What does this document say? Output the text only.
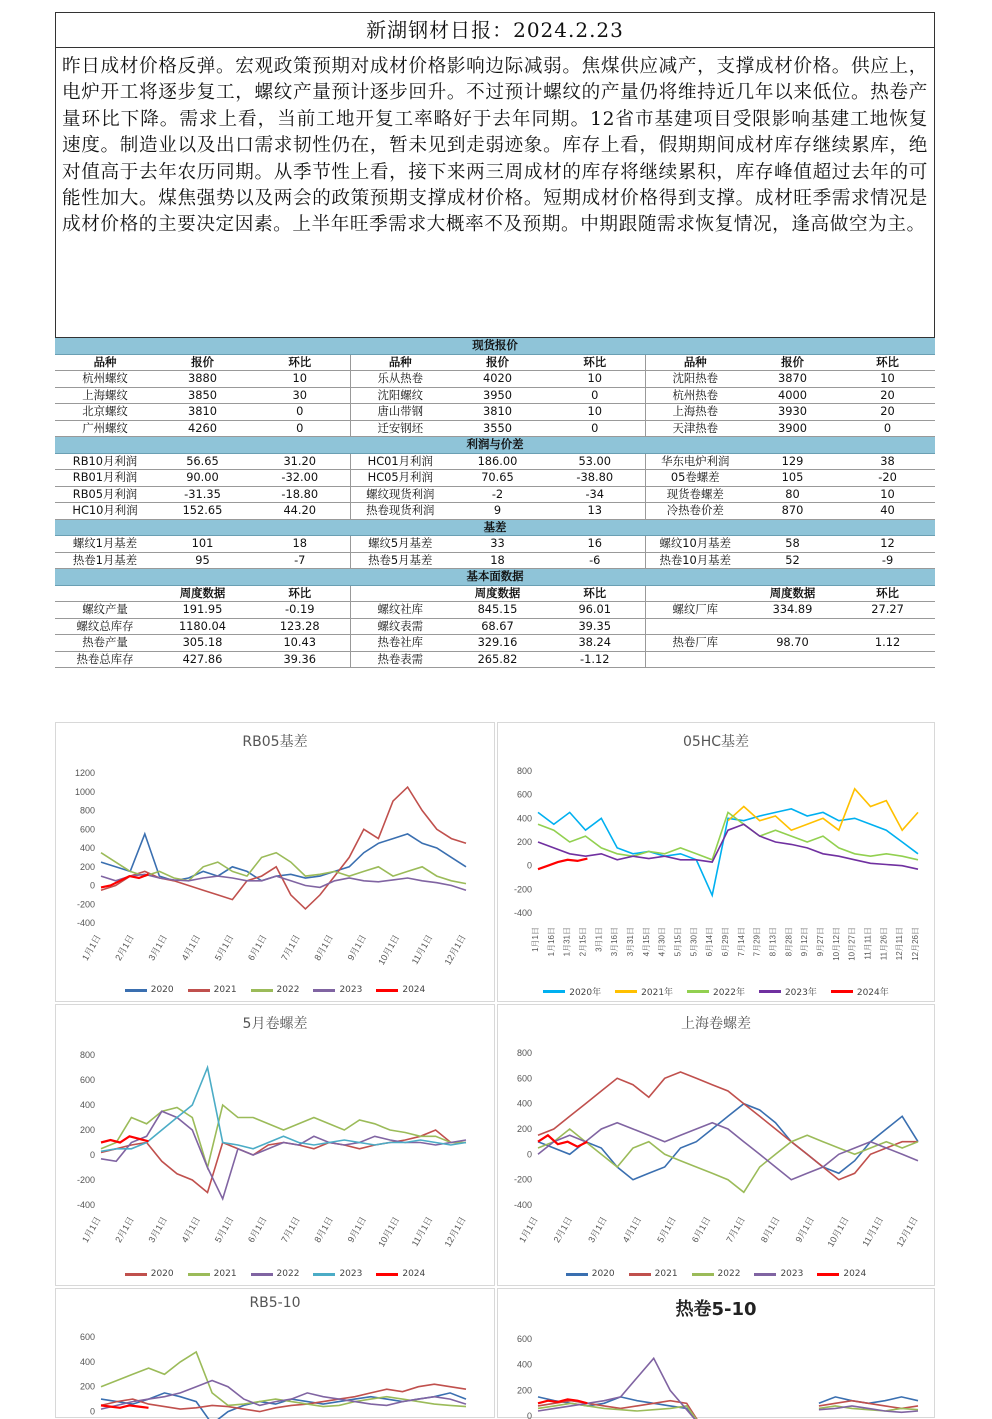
新湖钢材日报：2024.2.23
昨日成材价格反弹。宏观政策预期对成材价格影响边际减弱。焦煤供应减产，支撑成材价格。供应上，电炉开工将逐步复工，螺纹产量预计逐步回升。不过预计螺纹的产量仍将维持近几年以来低位。热卷产量环比下降。需求上看，当前工地开复工率略好于去年同期。12省市基建项目受限影响基建工地恢复速度。制造业以及出口需求韧性仍在，暂未见到走弱迹象。库存上看，假期期间成材库存继续累库，绝对值高于去年农历同期。从季节性上看，接下来两三周成材的库存将继续累积，库存峰值超过去年的可能性加大。煤焦强势以及两会的政策预期支撑成材价格。短期成材价格得到支撑。成材旺季需求情况是成材价格的主要决定因素。上半年旺季需求大概率不及预期。中期跟随需求恢复情况，逢高做空为主。
现货报价								
品种	报价	环比	品种	报价	环比	品种	报价	环比
杭州螺纹	3880	10	乐从热卷	4020	10	沈阳热卷	3870	10
上海螺纹	3850	30	沈阳螺纹	3950	0	杭州热卷	4000	20
北京螺纹	3810	0	唐山带钢	3810	10	上海热卷	3930	20
广州螺纹	4260	0	迁安钢坯	3550	0	天津热卷	3900	0
利润与价差								
RB10月利润	56.65	31.20	HC01月利润	186.00	53.00	华东电炉利润	129	38
RB01月利润	90.00	-32.00	HC05月利润	70.65	-38.80	05卷螺差	105	-20
RB05月利润	-31.35	-18.80	螺纹现货利润	-2	-34	现货卷螺差	80	10
HC10月利润	152.65	44.20	热卷现货利润	9	13	冷热卷价差	870	40
基差								
螺纹1月基差	101	18	螺纹5月基差	33	16	螺纹10月基差	58	12
热卷1月基差	95	-7	热卷5月基差	18	-6	热卷10月基差	52	-9
基本面数据								
	周度数据	环比		周度数据	环比		周度数据	环比
螺纹产量	191.95	-0.19	螺纹社库	845.15	96.01	螺纹厂库	334.89	27.27
螺纹总库存	1180.04	123.28	螺纹表需	68.67	39.35			
热卷产量	305.18	10.43	热卷社库	329.16	38.24	热卷厂库	98.70	1.12
热卷总库存	427.86	39.36	热卷表需	265.82	-1.12			
RB05基差
1200
1000
800
600
400
200
0
-200
-400
1月1日 2月1日 3月1日 4月1日 5月1日 6月1日 7月1日 8月1日 9月1日 10月1日 11月1日 12月1日
2020	2021	2022	2023	2024
05HC基差
800
600
400
200
0
-200
-400
1月1日 1月16日 1月31日 2月15日 3月1日 3月16日 3月31日 4月15日 4月30日 5月15日 5月30日 6月14日 6月29日 7月14日 7月29日 8月13日 8月28日 9月12日 9月27日 10月12日 10月27日 11月11日 11月26日 12月11日 12月26日
2020年	2021年	2022年	2023年	2024年
5月卷螺差
800
600
400
200
0
-200
-400
1月1日 2月1日 3月1日 4月1日 5月1日 6月1日 7月1日 8月1日 9月1日 10月1日 11月1日 12月1日
2020	2021	2022	2023	2024
上海卷螺差
800
600
400
200
0
-200
-400
1月1日 2月1日 3月1日 4月1日 5月1日 6月1日 7月1日 8月1日 9月1日 10月1日 11月1日 12月1日
2020	2021	2022	2023	2024
RB5-10
600
400
200
0
热卷5-10
600
400
200
0
